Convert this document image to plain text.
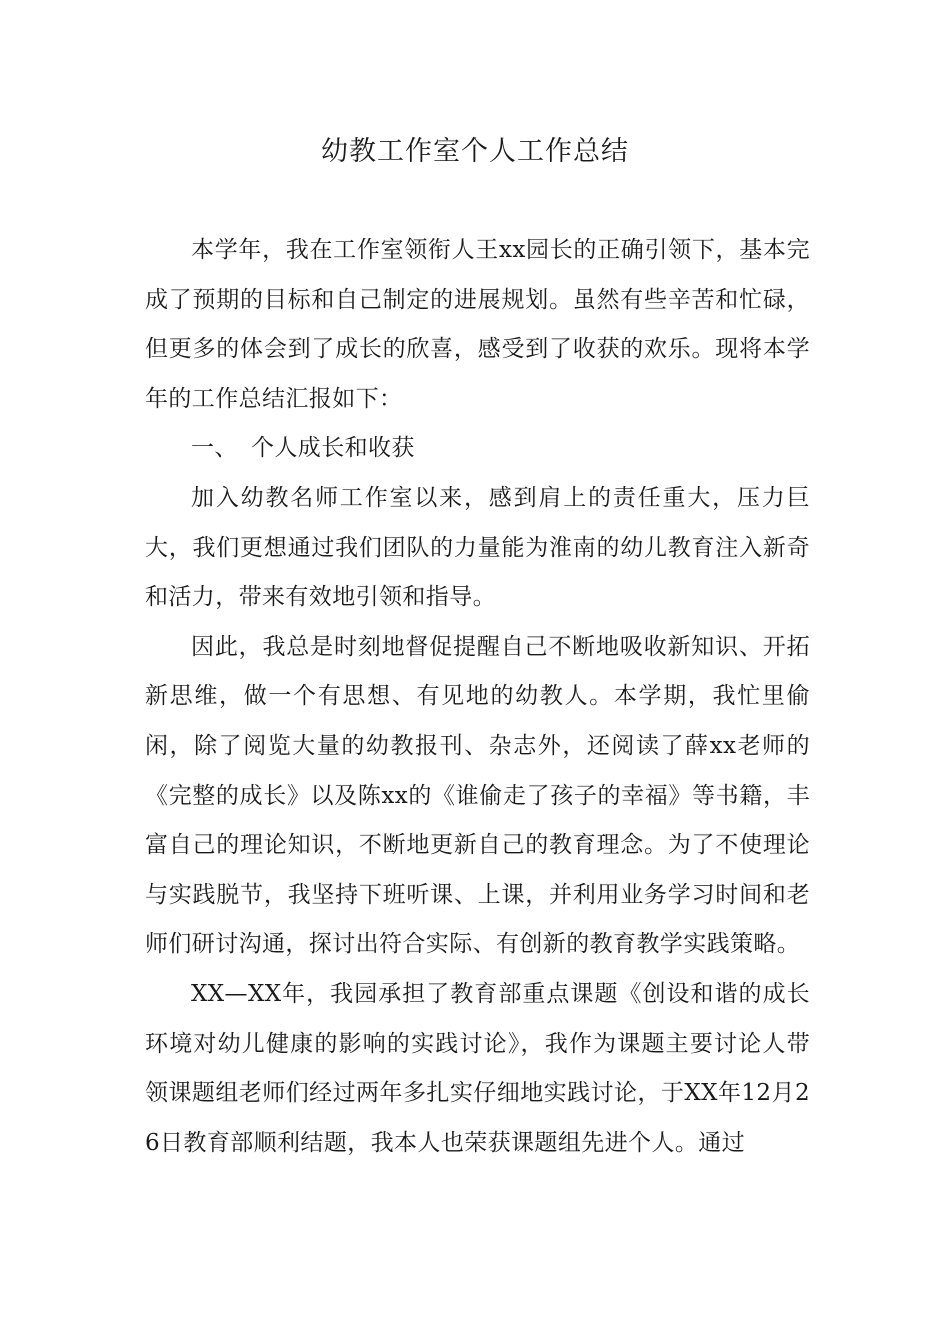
幼教工作室个人工作总结

本学年，我在工作室领衔人王xx园长的正确引领下，基本完成了预期的目标和自己制定的进展规划。虽然有些辛苦和忙碌，但更多的体会到了成长的欣喜，感受到了收获的欢乐。现将本学年的工作总结汇报如下：

一、 个人成长和收获

加入幼教名师工作室以来，感到肩上的责任重大，压力巨大，我们更想通过我们团队的力量能为淮南的幼儿教育注入新奇和活力，带来有效地引领和指导。

因此，我总是时刻地督促提醒自己不断地吸收新知识、开拓新思维，做一个有思想、有见地的幼教人。本学期，我忙里偷闲，除了阅览大量的幼教报刊、杂志外，还阅读了薛xx老师的《完整的成长》以及陈xx的《谁偷走了孩子的幸福》等书籍，丰富自己的理论知识，不断地更新自己的教育理念。为了不使理论与实践脱节，我坚持下班听课、上课，并利用业务学习时间和老师们研讨沟通，探讨出符合实际、有创新的教育教学实践策略。

XX—XX年，我园承担了教育部重点课题《创设和谐的成长环境对幼儿健康的影响的实践讨论》，我作为课题主要讨论人带领课题组老师们经过两年多扎实仔细地实践讨论，于XX年12月26日教育部顺利结题，我本人也荣获课题组先进个人。通过
